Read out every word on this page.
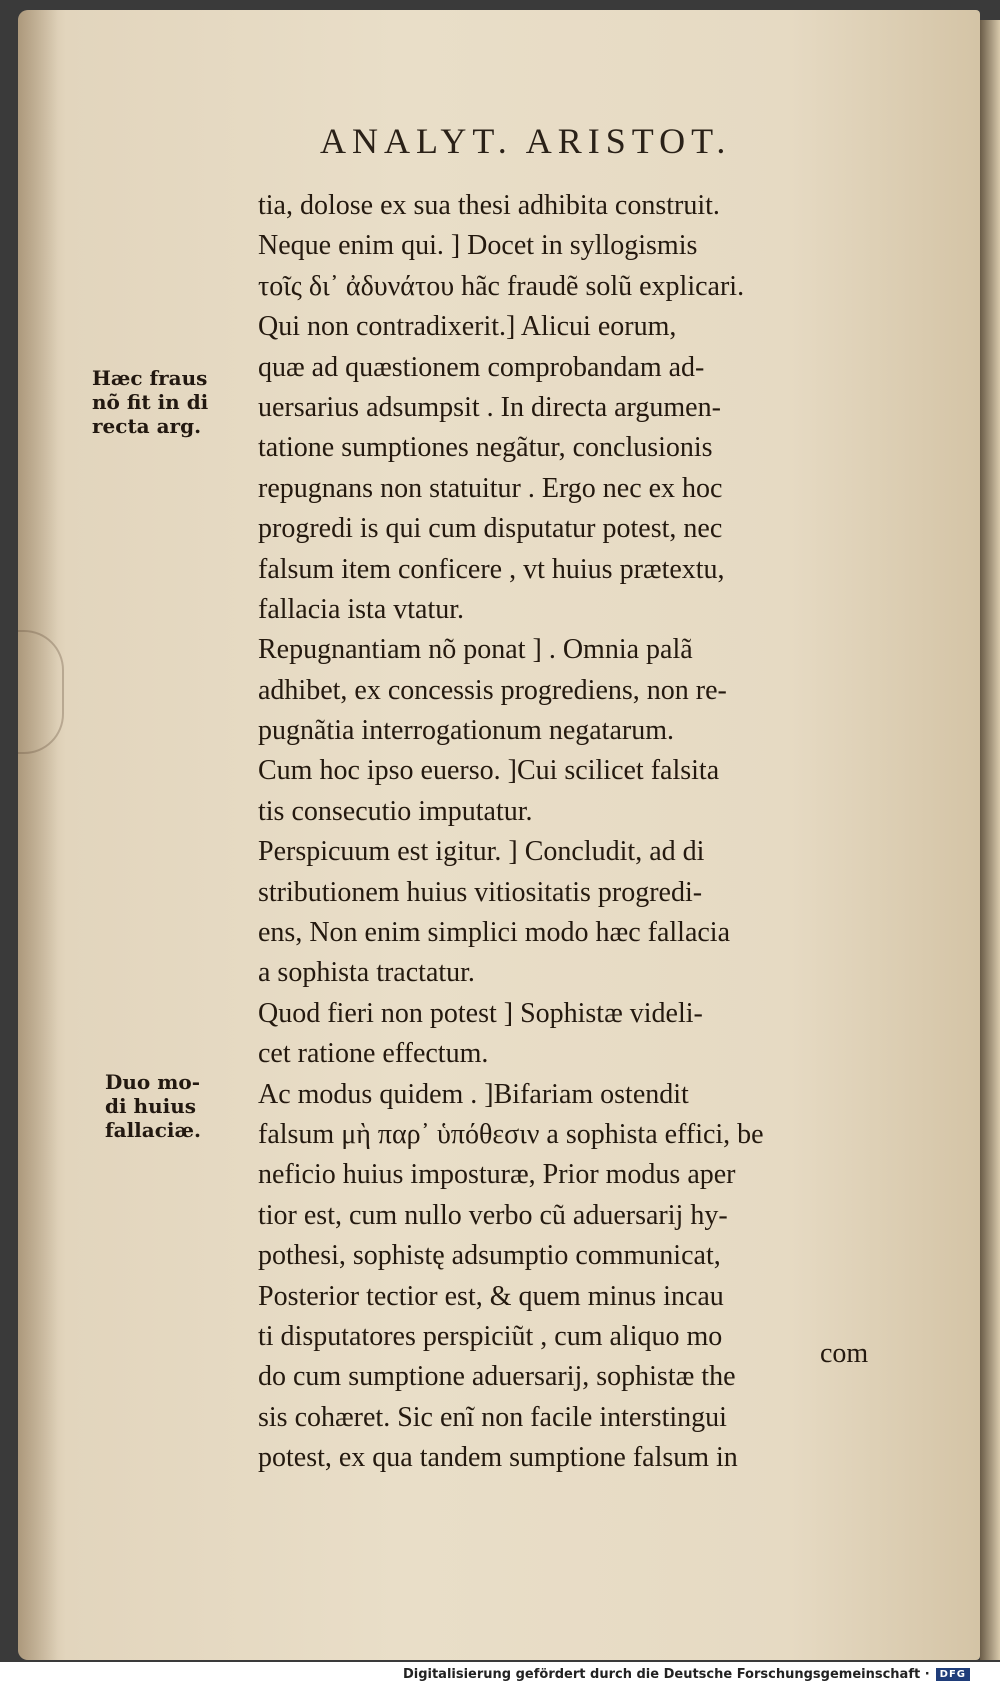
ANALYT. ARISTOT.
tia, dolose ex sua thesi adhibita construit.
Neque enim qui. ] Docet in syllogismis
τοῖς δι᾽ ἀδυνάτου hãc fraudẽ solũ explicari.
Qui non contradixerit.] Alicui eorum,
quæ ad quæstionem comprobandam ad-
uersarius adsumpsit . In directa argumen-
tatione sumptiones negãtur, conclusionis
repugnans non statuitur . Ergo nec ex hoc
progredi is qui cum disputatur potest, nec
falsum item conficere , vt huius prætextu,
fallacia ista vtatur.
Repugnantiam nõ ponat ] . Omnia palã
adhibet, ex concessis progrediens, non re-
pugnãtia interrogationum negatarum.
Cum hoc ipso euerso. ]Cui scilicet falsita
tis consecutio imputatur.
Perspicuum est igitur. ] Concludit, ad di
stributionem huius vitiositatis progredi-
ens, Non enim simplici modo hæc fallacia
a sophista tractatur.
Quod fieri non potest ] Sophistæ videli-
cet ratione effectum.
Ac modus quidem . ]Bifariam ostendit
falsum μὴ παρ᾽ ὑπόθεσιν a sophista effici, be
neficio huius imposturæ, Prior modus aper
tior est, cum nullo verbo cũ aduersarij hy-
pothesi, sophistę adsumptio communicat,
Posterior tectior est, & quem minus incau
ti disputatores perspiciũt , cum aliquo mo
do cum sumptione aduersarij, sophistæ the
sis cohæret. Sic enĩ non facile interstingui
potest, ex qua tandem sumptione falsum in
com
Hæc fraus
nõ fit in di
recta arg.
Duo mo-
di huius
fallaciæ.
Digitalisierung gefördert durch die Deutsche Forschungsgemeinschaft ·	DFG
